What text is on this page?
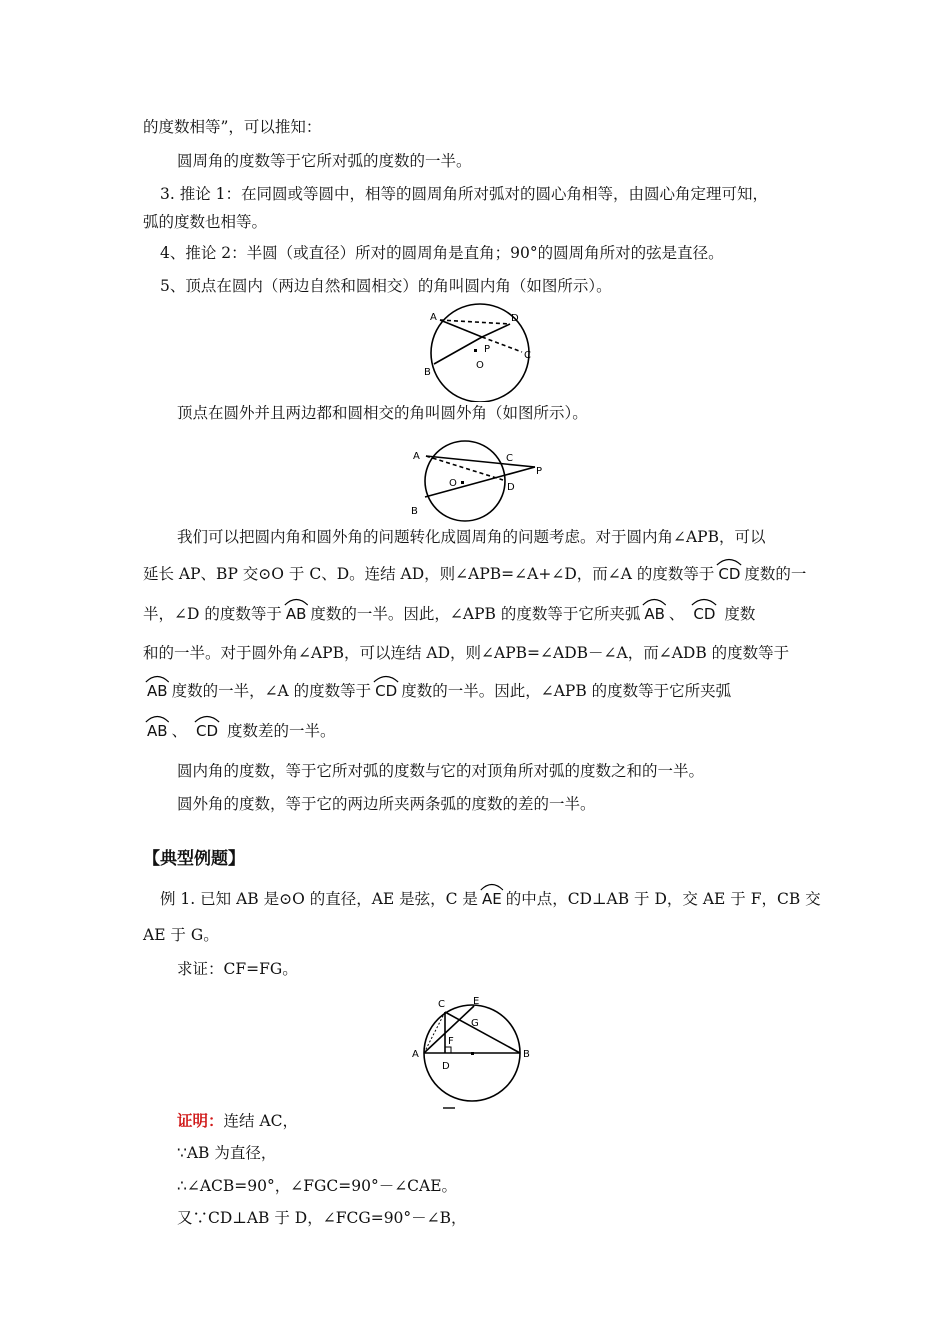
的度数相等”，可以推知：
圆周角的度数等于它所对弧的度数的一半。
3. 推论 1：在同圆或等圆中，相等的圆周角所对弧对的圆心角相等，由圆心角定理可知，
弧的度数也相等。
4、推论 2：半圆（或直径）所对的圆周角是直角；90°的圆周角所对的弦是直径。
5、顶点在圆内（两边自然和圆相交）的角叫圆内角（如图所示）。
A	D
P
C
O
B
顶点在圆外并且两边都和圆相交的角叫圆外角（如图所示）。
A	C
P
O	D
B
我们可以把圆内角和圆外角的问题转化成圆周角的问题考虑。对于圆内角∠APB，可以
延长 AP、BP 交⊙O 于 C、D。连结 AD，则∠APB=∠A+∠D，而∠A 的度数等于 CD 度数的一
半，∠D 的度数等于 AB 度数的一半。因此，∠APB 的度数等于它所夹弧 AB 、 CD 度数
和的一半。对于圆外角∠APB，可以连结 AD，则∠APB=∠ADB－∠A，而∠ADB 的度数等于
AB 度数的一半，∠A 的度数等于 CD 度数的一半。因此，∠APB 的度数等于它所夹弧
AB 、 CD 度数差的一半。
圆内角的度数，等于它所对弧的度数与它的对顶角所对弧的度数之和的一半。
圆外角的度数，等于它的两边所夹两条弧的度数的差的一半。
【典型例题】
例 1. 已知 AB 是⊙O 的直径，AE 是弦，C 是 AE 的中点，CD⊥AB 于 D，交 AE 于 F，CB 交
AE 于 G。
求证：CF=FG。
C	E
G
F
A	B
D
证明：连结 AC，
∵AB 为直径，
∴∠ACB=90°，∠FGC=90°－∠CAE。
又∵CD⊥AB 于 D，∠FCG=90°－∠B，
